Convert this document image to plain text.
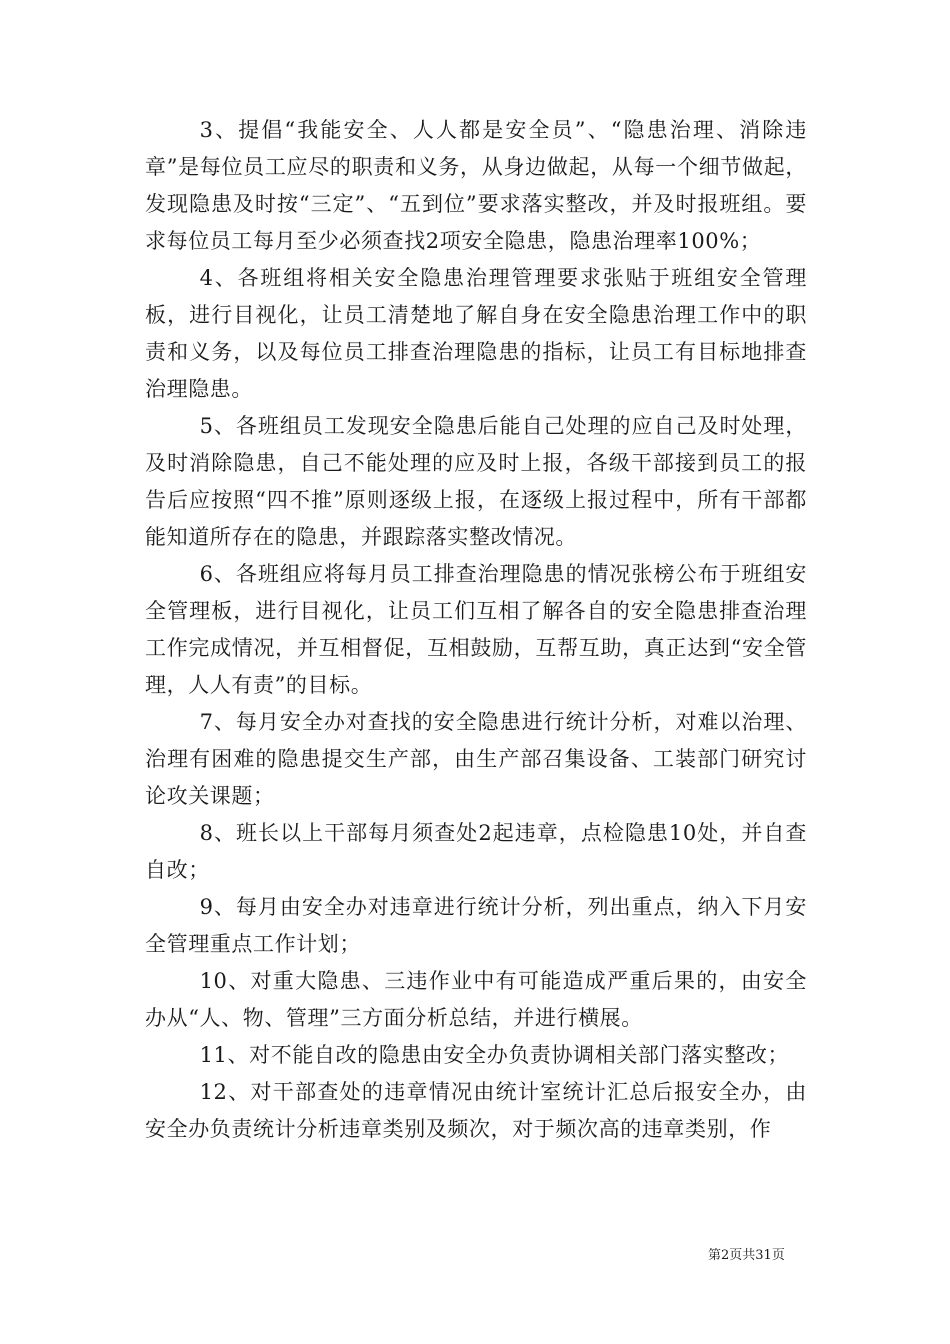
3、提倡“我能安全、人人都是安全员”、“隐患治理、消除违章”是每位员工应尽的职责和义务，从身边做起，从每一个细节做起，发现隐患及时按“三定”、“五到位”要求落实整改，并及时报班组。要求每位员工每月至少必须查找2项安全隐患，隐患治理率100%；

4、各班组将相关安全隐患治理管理要求张贴于班组安全管理板，进行目视化，让员工清楚地了解自身在安全隐患治理工作中的职责和义务，以及每位员工排查治理隐患的指标，让员工有目标地排查治理隐患。

5、各班组员工发现安全隐患后能自己处理的应自己及时处理，及时消除隐患，自己不能处理的应及时上报，各级干部接到员工的报告后应按照“四不推”原则逐级上报，在逐级上报过程中，所有干部都能知道所存在的隐患，并跟踪落实整改情况。

6、各班组应将每月员工排查治理隐患的情况张榜公布于班组安全管理板，进行目视化，让员工们互相了解各自的安全隐患排查治理工作完成情况，并互相督促，互相鼓励，互帮互助，真正达到“安全管理，人人有责”的目标。

7、每月安全办对查找的安全隐患进行统计分析，对难以治理、治理有困难的隐患提交生产部，由生产部召集设备、工装部门研究讨论攻关课题；

8、班长以上干部每月须查处2起违章，点检隐患10处，并自查自改；

9、每月由安全办对违章进行统计分析，列出重点，纳入下月安全管理重点工作计划；

10、对重大隐患、三违作业中有可能造成严重后果的，由安全办从“人、物、管理”三方面分析总结，并进行横展。

11、对不能自改的隐患由安全办负责协调相关部门落实整改；

12、对干部查处的违章情况由统计室统计汇总后报安全办，由安全办负责统计分析违章类别及频次，对于频次高的违章类别，作

第2页共31页
